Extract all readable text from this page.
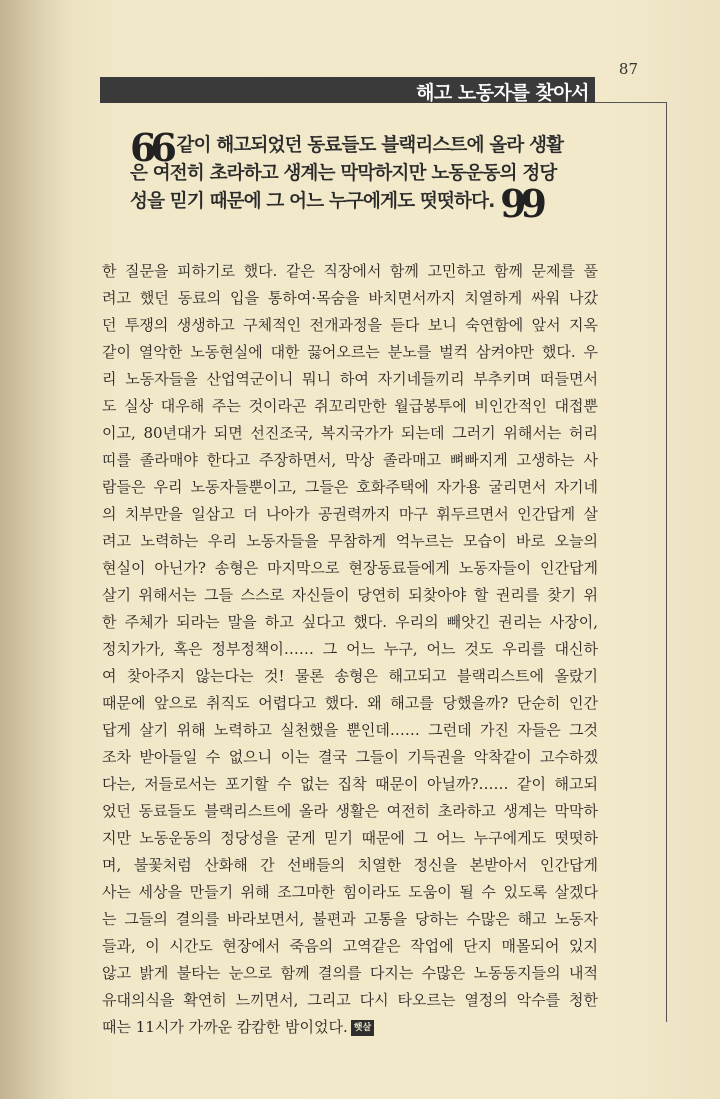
87
해고 노동자를 찾아서
66 같이 해고되었던 동료들도 블랙리스트에 올라 생활
은 여전히 초라하고 생계는 막막하지만 노동운동의 정당
성을 믿기 때문에 그 어느 누구에게도 떳떳하다. 99
한 질문을 피하기로 했다. 같은 직장에서 함께 고민하고 함께 문제를 풀
려고 했던 동료의 입을 통하여·목숨을 바치면서까지 치열하게 싸워 나갔
던 투쟁의 생생하고 구체적인 전개과정을 듣다 보니 숙연함에 앞서 지옥
같이 열악한 노동현실에 대한 끓어오르는 분노를 벌컥 삼켜야만 했다. 우
리 노동자들을 산업역군이니 뭐니 하여 자기네들끼리 부추키며 떠들면서
도 실상 대우해 주는 것이라곤 쥐꼬리만한 월급봉투에 비인간적인 대접뿐
이고, 80년대가 되면 선진조국, 복지국가가 되는데 그러기 위해서는 허리
띠를 졸라매야 한다고 주장하면서, 막상 졸라매고 뼈빠지게 고생하는 사
람들은 우리 노동자들뿐이고, 그들은 호화주택에 자가용 굴리면서 자기네
의 치부만을 일삼고 더 나아가 공권력까지 마구 휘두르면서 인간답게 살
려고 노력하는 우리 노동자들을 무참하게 억누르는 모습이 바로 오늘의
현실이 아닌가? 송형은 마지막으로 현장동료들에게 노동자들이 인간답게
살기 위해서는 그들 스스로 자신들이 당연히 되찾아야 할 권리를 찾기 위
한 주체가 되라는 말을 하고 싶다고 했다. 우리의 빼앗긴 권리는 사장이,
정치가가, 혹은 정부정책이…… 그 어느 누구, 어느 것도 우리를 대신하
여 찾아주지 않는다는 것! 물론 송형은 해고되고 블랙리스트에 올랐기
때문에 앞으로 취직도 어렵다고 했다. 왜 해고를 당했을까? 단순히 인간
답게 살기 위해 노력하고 실천했을 뿐인데…… 그런데 가진 자들은 그것
조차 받아들일 수 없으니 이는 결국 그들이 기득권을 악착같이 고수하겠
다는, 저들로서는 포기할 수 없는 집착 때문이 아닐까?…… 같이 해고되
었던 동료들도 블랙리스트에 올라 생활은 여전히 초라하고 생계는 막막하
지만 노동운동의 정당성을 굳게 믿기 때문에 그 어느 누구에게도 떳떳하
며, 불꽃처럼 산화해 간 선배들의 치열한 정신을 본받아서 인간답게
사는 세상을 만들기 위해 조그마한 힘이라도 도움이 될 수 있도록 살겠다
는 그들의 결의를 바라보면서, 불편과 고통을 당하는 수많은 해고 노동자
들과, 이 시간도 현장에서 죽음의 고역같은 작업에 단지 매몰되어 있지
않고 밝게 불타는 눈으로 함께 결의를 다지는 수많은 노동동지들의 내적
유대의식을 확연히 느끼면서, 그리고 다시 타오르는 열정의 악수를 청한
때는 11시가 가까운 캄캄한 밤이었다. 햇살
